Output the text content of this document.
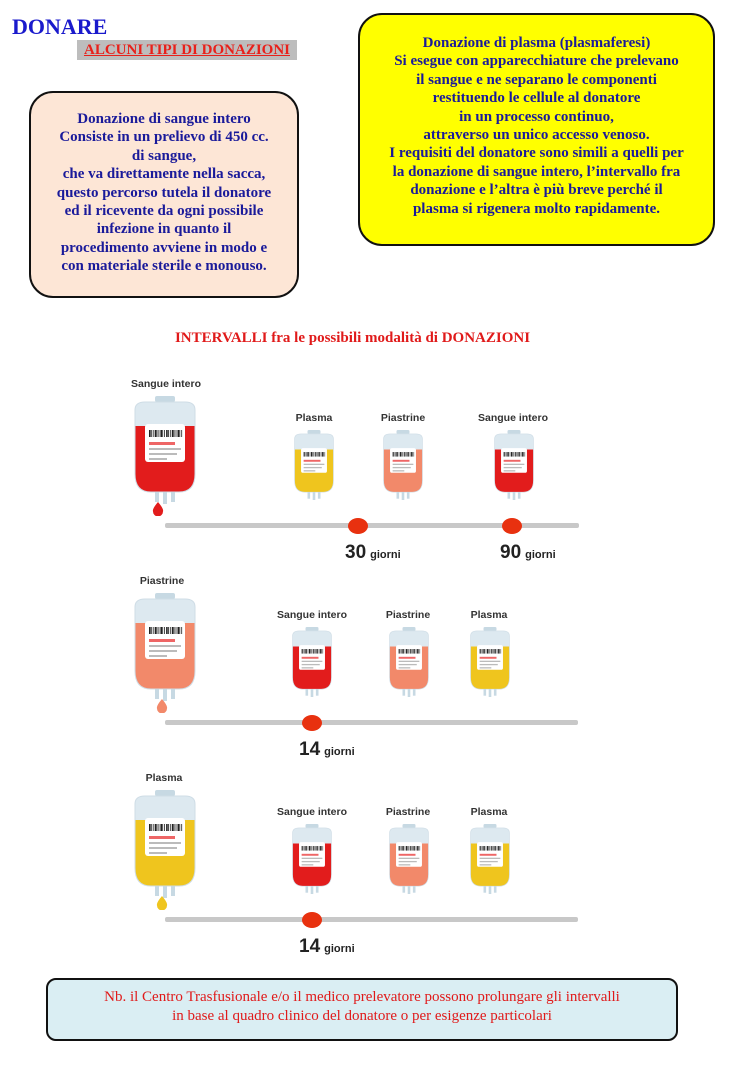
DONARE
ALCUNI TIPI DI DONAZIONI
Donazione di sangue intero
Consiste in un prelievo di 450 cc.
di sangue,
che va direttamente nella sacca,
questo percorso tutela il donatore
ed il ricevente da ogni possibile
infezione in quanto il
procedimento avviene in modo e
con materiale sterile e monouso.
Donazione di plasma (plasmaferesi)
Si esegue con apparecchiature che prelevano
il sangue e ne separano le componenti
restituendo le cellule al donatore
in un processo continuo,
attraverso un unico accesso venoso.
I requisiti del donatore sono simili a quelli per
la donazione di sangue intero, l’intervallo fra
donazione e l’altra è più breve perché il
plasma si rigenera molto rapidamente.
INTERVALLI fra le possibili modalità di DONAZIONI
Sangue intero
Plasma	Piastrine	Sangue intero
30 giorni	90 giorni
Piastrine
Sangue intero	Piastrine	Plasma
14 giorni
Plasma
Sangue intero	Piastrine	Plasma
14 giorni
Nb. il Centro Trasfusionale e/o il medico prelevatore possono prolungare gli intervalli
in base al quadro clinico del donatore o per esigenze particolari
